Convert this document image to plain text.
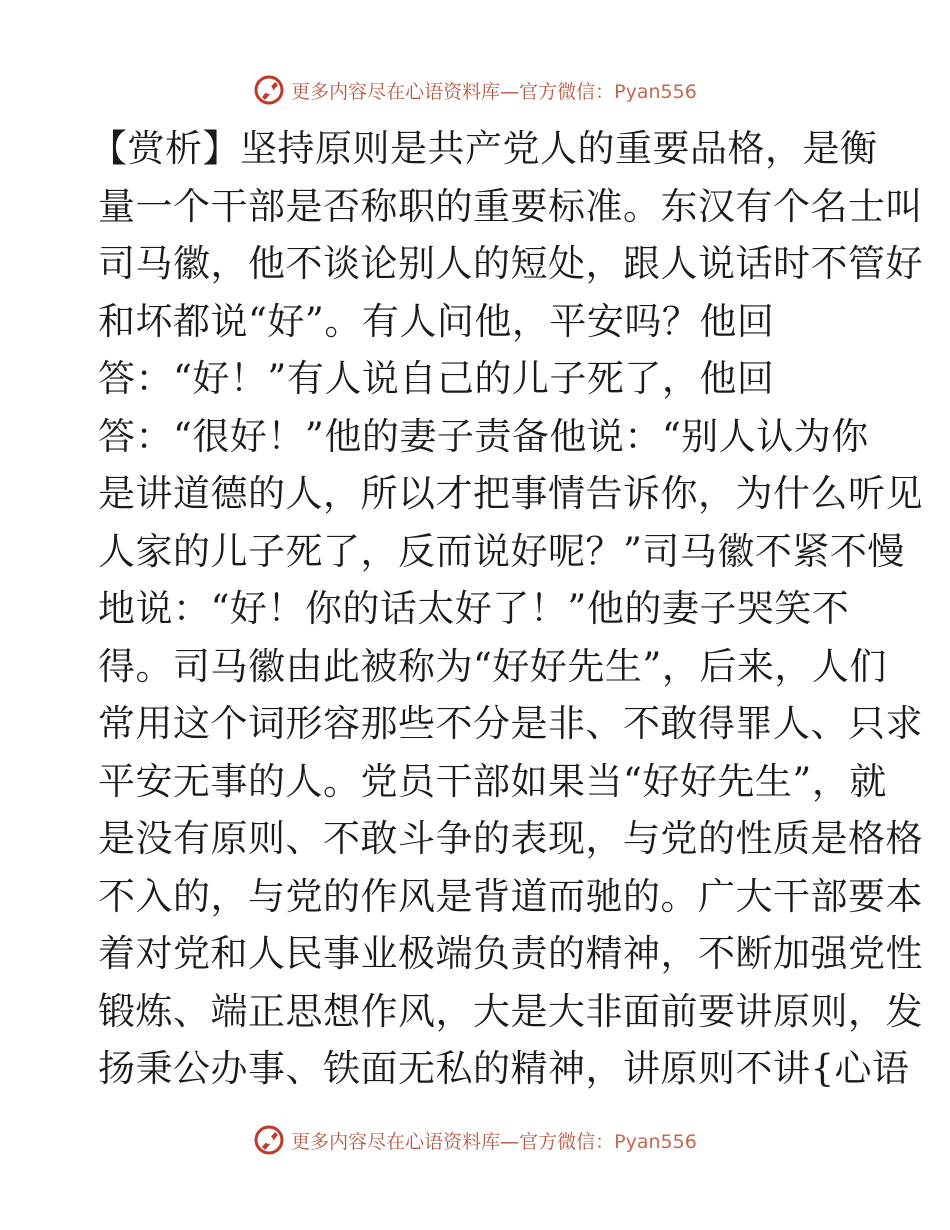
更多内容尽在心语资料库—官方微信：Pyan556
【赏析】坚持原则是共产党人的重要品格，是衡
量一个干部是否称职的重要标准。东汉有个名士叫
司马徽，他不谈论别人的短处，跟人说话时不管好
和坏都说“好”。有人问他，平安吗？他回
答：“好！”有人说自己的儿子死了，他回
答：“很好！”他的妻子责备他说：“别人认为你
是讲道德的人，所以才把事情告诉你，为什么听见
人家的儿子死了，反而说好呢？”司马徽不紧不慢
地说：“好！你的话太好了！”他的妻子哭笑不
得。司马徽由此被称为“好好先生”，后来，人们
常用这个词形容那些不分是非、不敢得罪人、只求
平安无事的人。党员干部如果当“好好先生”，就
是没有原则、不敢斗争的表现，与党的性质是格格
不入的，与党的作风是背道而驰的。广大干部要本
着对党和人民事业极端负责的精神，不断加强党性
锻炼、端正思想作风，大是大非面前要讲原则，发
扬秉公办事、铁面无私的精神，讲原则不讲{心语
更多内容尽在心语资料库—官方微信：Pyan556
